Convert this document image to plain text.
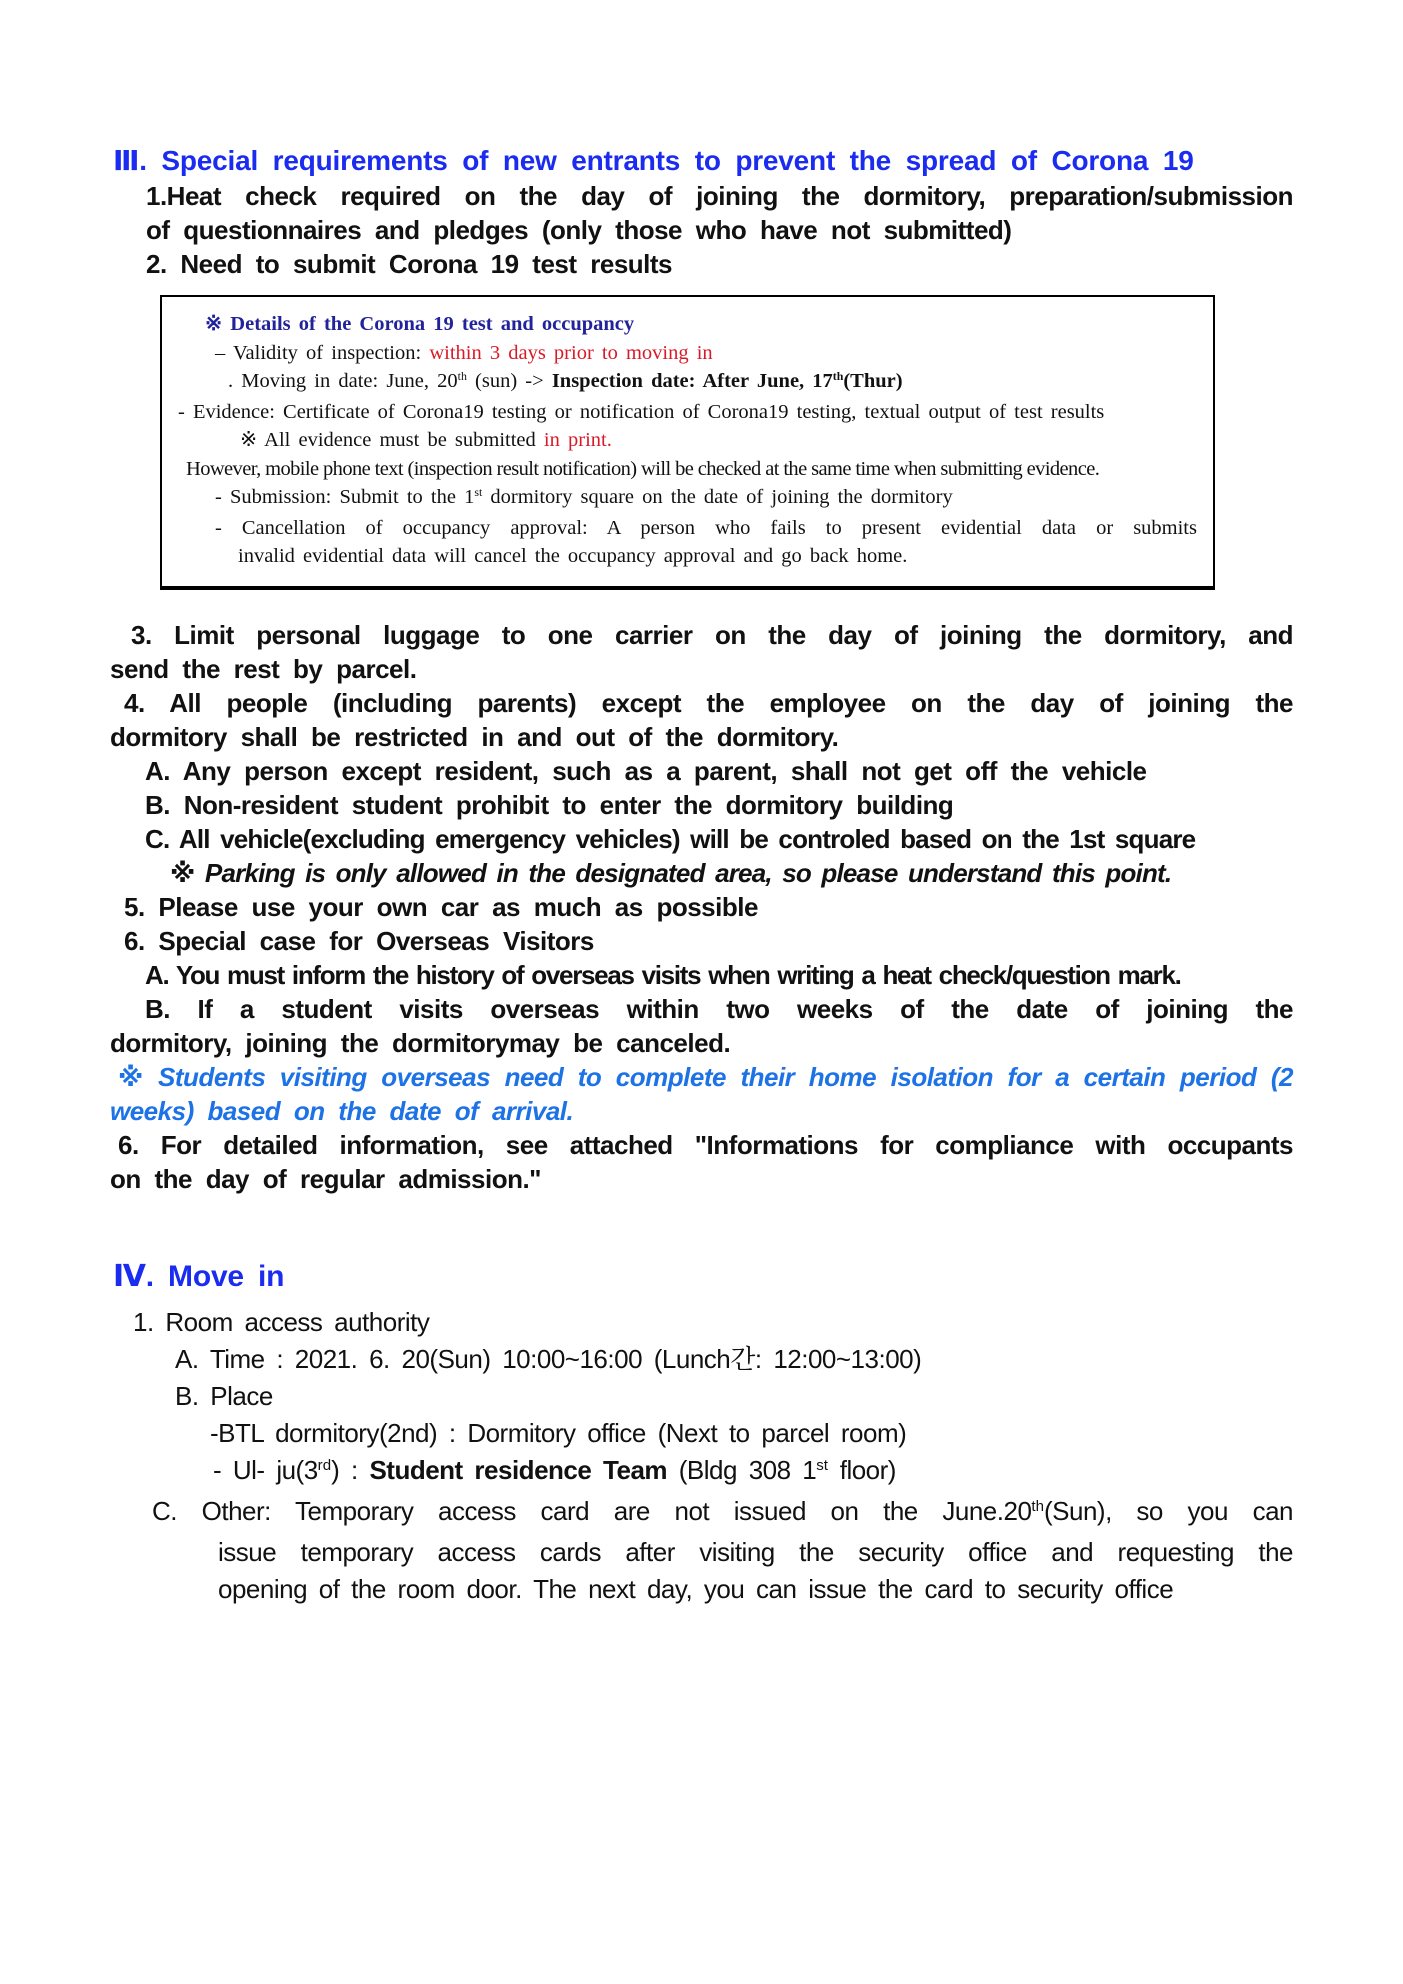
Ⅲ. Special requirements of new entrants to prevent the spread of Corona 19
1.Heat check required on the day of joining the dormitory, preparation/submission
of questionnaires and pledges (only those who have not submitted)
2. Need to submit Corona 19 test results
※ Details of the Corona 19 test and occupancy
– Validity of inspection: within 3 days prior to moving in
. Moving in date: June, 20th (sun) -> Inspection date: After June, 17th(Thur)
- Evidence: Certificate of Corona19 testing or notification of Corona19 testing, textual output of test results
※ All evidence must be submitted in print.
However, mobile phone text (inspection result notification) will be checked at the same time when submitting evidence.
- Submission: Submit to the 1st dormitory square on the date of joining the dormitory
- Cancellation of occupancy approval: A person who fails to present evidential data or submits
invalid evidential data will cancel the occupancy approval and go back home.
3. Limit personal luggage to one carrier on the day of joining the dormitory, and
send the rest by parcel.
4. All people (including parents) except the employee on the day of joining the
dormitory shall be restricted in and out of the dormitory.
A. Any person except resident, such as a parent, shall not get off the vehicle
B. Non-resident student prohibit to enter the dormitory building
C. All vehicle(excluding emergency vehicles) will be controled based on the 1st square
※ Parking is only allowed in the designated area, so please understand this point.
5. Please use your own car as much as possible
6. Special case for Overseas Visitors
A. You must inform the history of overseas visits when writing a heat check/question mark.
B. If a student visits overseas within two weeks of the date of joining the
dormitory, joining the dormitorymay be canceled.
※ Students visiting overseas need to complete their home isolation for a certain period (2
weeks) based on the date of arrival.
6. For detailed information, see attached "Informations for compliance with occupants
on the day of regular admission."
Ⅳ. Move in
1. Room access authority
A. Time : 2021. 6. 20(Sun) 10:00~16:00 (Lunch간: 12:00~13:00)
B. Place
-BTL dormitory(2nd) : Dormitory office (Next to parcel room)
- Ul- ju(3rd) : Student residence Team (Bldg 308 1st floor)
C. Other: Temporary access card are not issued on the June.20th(Sun), so you can
issue temporary access cards after visiting the security office and requesting the
opening of the room door. The next day, you can issue the card to security office
